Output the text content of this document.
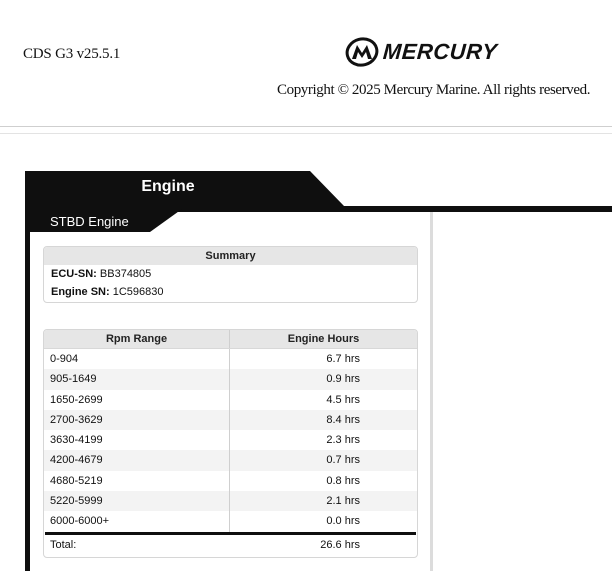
CDS G3 v25.5.1	MERCURY
Copyright © 2025 Mercury Marine. All rights reserved.
Engine
STBD Engine
Summary
ECU-SN: BB374805
Engine SN: 1C596830
Rpm Range	Engine Hours
0-904	6.7 hrs
905-1649	0.9 hrs
1650-2699	4.5 hrs
2700-3629	8.4 hrs
3630-4199	2.3 hrs
4200-4679	0.7 hrs
4680-5219	0.8 hrs
5220-5999	2.1 hrs
6000-6000+	0.0 hrs
Total:	26.6 hrs
